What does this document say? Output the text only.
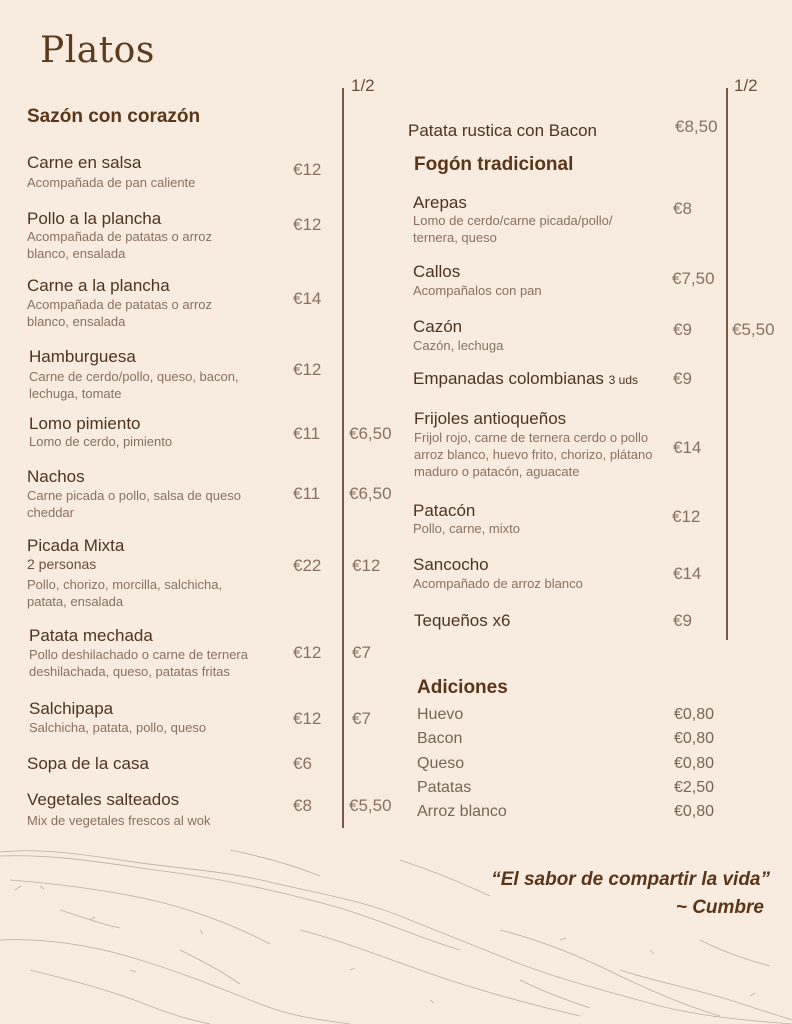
Platos
1/2	1/2
Sazón con corazón
Carne en salsa
Acompañada de pan caliente
€12
Pollo a la plancha
Acompañada de patatas o arroz blanco, ensalada
€12
Carne a la plancha
Acompañada de patatas o arroz blanco, ensalada
€14
Hamburguesa
Carne de cerdo/pollo, queso, bacon, lechuga, tomate
€12
Lomo pimiento
Lomo de cerdo, pimiento	€11 €6,50
Nachos
Carne picada o pollo, salsa de queso cheddar
€11 €6,50
Picada Mixta
2 personas
Pollo, chorizo, morcilla, salchicha, patata, ensalada
€22 €12
Patata mechada
Pollo deshilachado o carne de ternera deshilachada, queso, patatas fritas
€12 €7
Salchipapa
Salchicha, patata, pollo, queso	€12 €7
Sopa de la casa	€6
Vegetales salteados
Mix de vegetales frescos al wok
€8 €5,50
Patata rustica con Bacon	€8,50
Fogón tradicional
Arepas
Lomo de cerdo/carne picada/pollo/ ternera, queso
€8
Callos
Acompañalos con pan
€7,50
Cazón
Cazón, lechuga
€9 €5,50
Empanadas colombianas 3 uds €9
Frijoles antioqueños
Frijol rojo, carne de ternera cerdo o pollo arroz blanco, huevo frito, chorizo, plátano maduro o patacón, aguacate
€14
Patacón
Pollo, carne, mixto
€12
Sancocho
Acompañado de arroz blanco
€14
Tequeños x6	€9
Adiciones
Huevo	€0,80
Bacon	€0,80
Queso	€0,80
Patatas	€2,50
Arroz blanco	€0,80
“El sabor de compartir la vida”
~ Cumbre
